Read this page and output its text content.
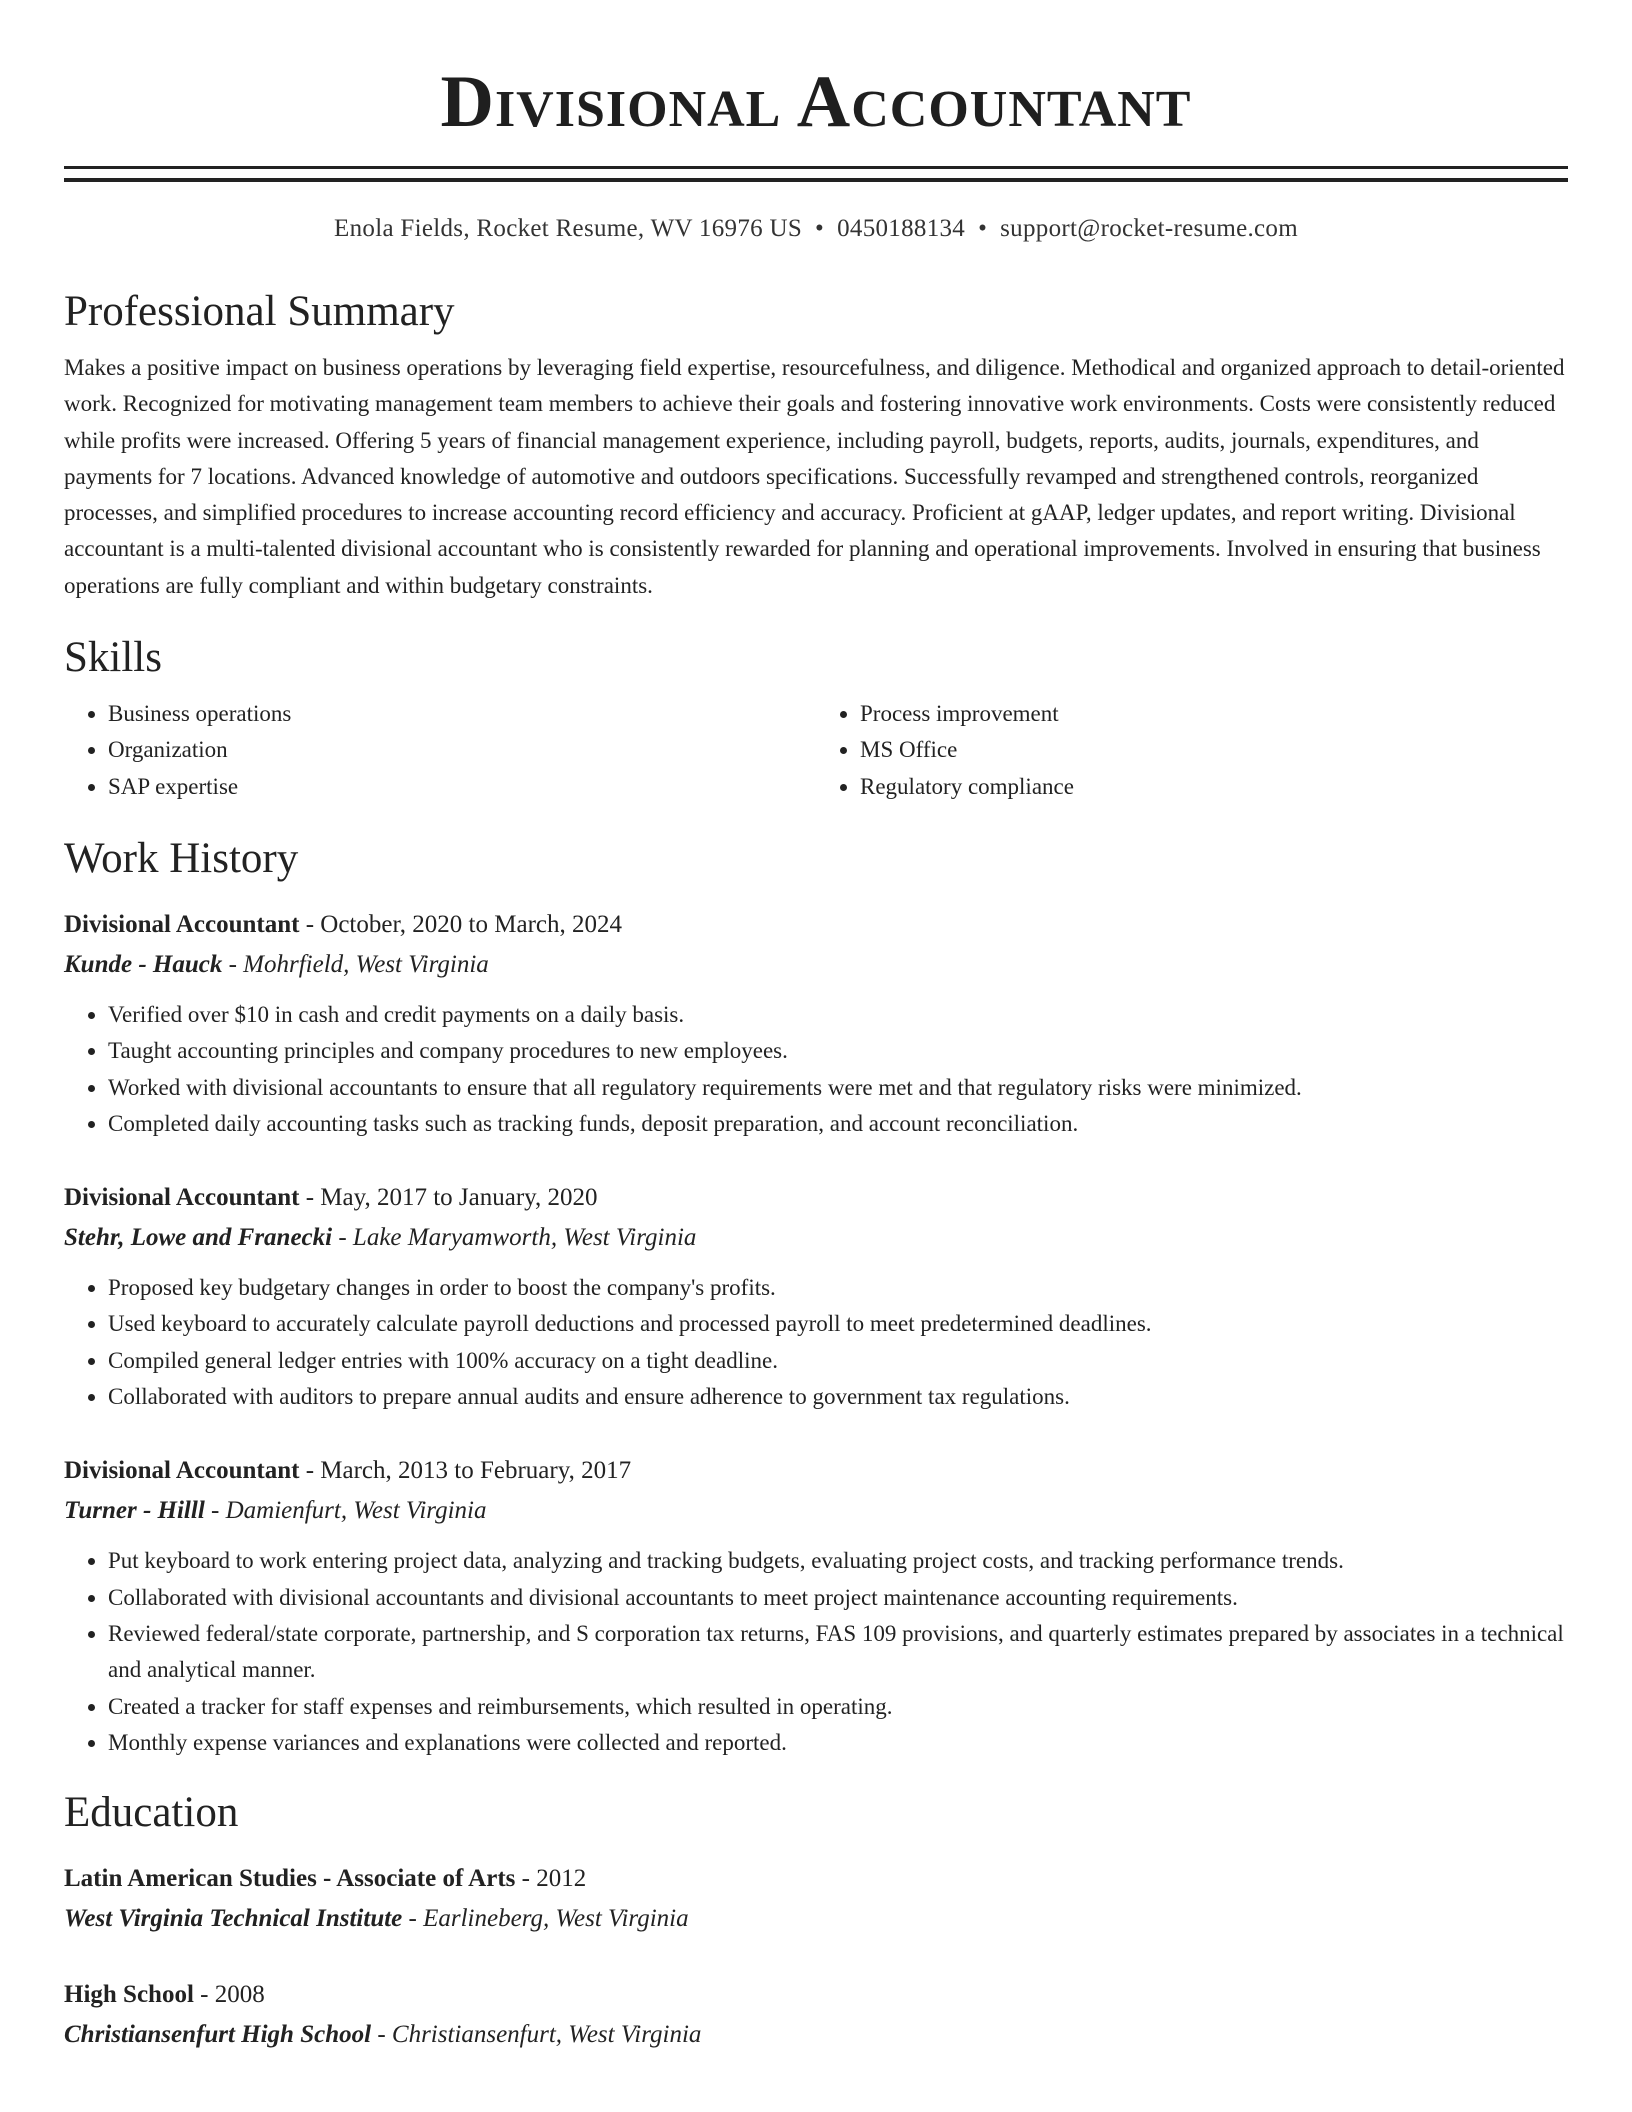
Divisional Accountant
Enola Fields, Rocket Resume, WV 16976 US • 0450188134 • support@rocket-resume.com
Professional Summary

Makes a positive impact on business operations by leveraging field expertise, resourcefulness, and diligence. Methodical and organized approach to detail-oriented work. Recognized for motivating management team members to achieve their goals and fostering innovative work environments. Costs were consistently reduced while profits were increased. Offering 5 years of financial management experience, including payroll, budgets, reports, audits, journals, expenditures, and payments for 7 locations. Advanced knowledge of automotive and outdoors specifications. Successfully revamped and strengthened controls, reorganized processes, and simplified procedures to increase accounting record efficiency and accuracy. Proficient at gAAP, ledger updates, and report writing. Divisional accountant is a multi-talented divisional accountant who is consistently rewarded for planning and operational improvements. Involved in ensuring that business operations are fully compliant and within budgetary constraints.

Skills
• Business operations
• Organization
• SAP expertise
• Process improvement
• MS Office
• Regulatory compliance
Work History
Divisional Accountant - October, 2020 to March, 2024
Kunde - Hauck - Mohrfield, West Virginia
• Verified over $10 in cash and credit payments on a daily basis.
• Taught accounting principles and company procedures to new employees.
• Worked with divisional accountants to ensure that all regulatory requirements were met and that regulatory risks were minimized.
• Completed daily accounting tasks such as tracking funds, deposit preparation, and account reconciliation.
Divisional Accountant - May, 2017 to January, 2020
Stehr, Lowe and Franecki - Lake Maryamworth, West Virginia
• Proposed key budgetary changes in order to boost the company's profits.
• Used keyboard to accurately calculate payroll deductions and processed payroll to meet predetermined deadlines.
• Compiled general ledger entries with 100% accuracy on a tight deadline.
• Collaborated with auditors to prepare annual audits and ensure adherence to government tax regulations.
Divisional Accountant - March, 2013 to February, 2017
Turner - Hilll - Damienfurt, West Virginia
• Put keyboard to work entering project data, analyzing and tracking budgets, evaluating project costs, and tracking performance trends.
• Collaborated with divisional accountants and divisional accountants to meet project maintenance accounting requirements.
• Reviewed federal/state corporate, partnership, and S corporation tax returns, FAS 109 provisions, and quarterly estimates prepared by associates in a technical and analytical manner.
• Created a tracker for staff expenses and reimbursements, which resulted in operating.
• Monthly expense variances and explanations were collected and reported.
Education
Latin American Studies - Associate of Arts - 2012
West Virginia Technical Institute - Earlineberg, West Virginia
High School - 2008
Christiansenfurt High School - Christiansenfurt, West Virginia
